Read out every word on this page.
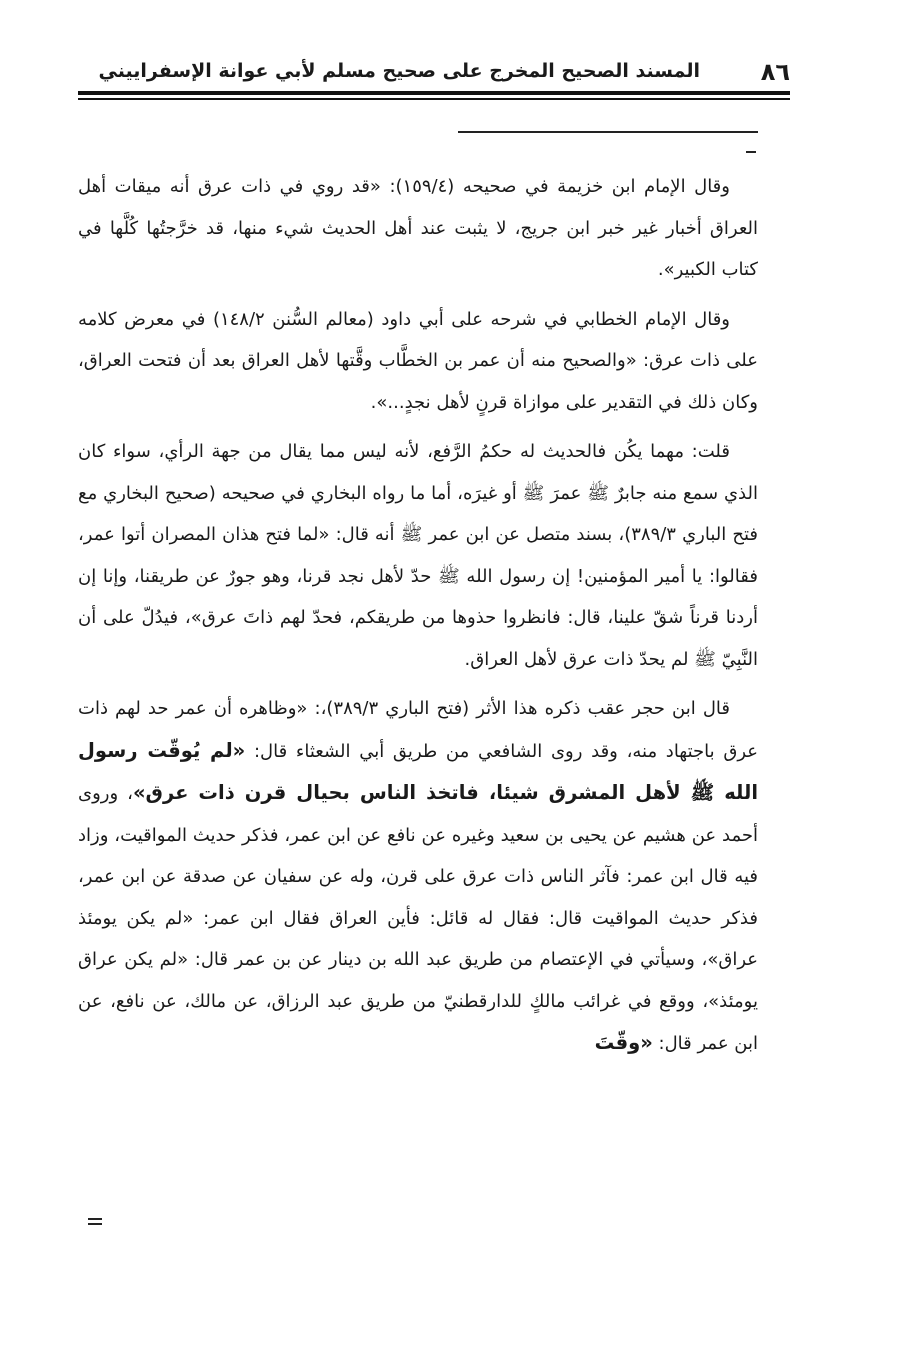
٨٦
المسند الصحيح المخرج على صحيح مسلم لأبي عوانة الإسفراييني

وقال الإمام ابن خزيمة في صحيحه (١٥٩/٤): «قد روي في ذات عرق أنه ميقات أهل العراق أخبار غير خبر ابن جريج، لا يثبت عند أهل الحديث شيء منها، قد خرَّجتُها كُلَّها في كتاب الكبير».

وقال الإمام الخطابي في شرحه على أبي داود (معالم السُّنن ١٤٨/٢) في معرض كلامه على ذات عرق: «والصحيح منه أن عمر بن الخطَّاب وقَّتها لأهل العراق بعد أن فتحت العراق، وكان ذلك في التقدير على موازاة قرنٍ لأهل نجدٍ...».

قلت: مهما يكُن فالحديث له حكمُ الرَّفع، لأنه ليس مما يقال من جهة الرأي، سواء كان الذي سمع منه جابرٌ ﷺ عمرَ ﷺ أو غيرَه، أما ما رواه البخاري في صحيحه (صحيح البخاري مع فتح الباري ٣٨٩/٣)، بسند متصل عن ابن عمر ﷺ أنه قال: «لما فتح هذان المصران أتوا عمر، فقالوا: يا أمير المؤمنين! إن رسول الله ﷺ حدّ لأهل نجد قرنا، وهو جورٌ عن طريقنا، وإنا إن أردنا قرناً شقّ علينا، قال: فانظروا حذوها من طريقكم، فحدّ لهم ذاتَ عرق»، فيدُلّ على أن النَّبِيّ ﷺ لم يحدّ ذات عرق لأهل العراق.

قال ابن حجر عقب ذكره هذا الأثر (فتح الباري ٣٨٩/٣)،: «وظاهره أن عمر حد لهم ذات عرق باجتهاد منه، وقد روى الشافعي من طريق أبي الشعثاء قال: «لم يُوقّت رسول الله ﷺ لأهل المشرق شيئا، فاتخذ الناس بحيال قرن ذات عرق»، وروى أحمد عن هشيم عن يحيى بن سعيد وغيره عن نافع عن ابن عمر، فذكر حديث المواقيت، وزاد فيه قال ابن عمر: فآثر الناس ذات عرق على قرن، وله عن سفيان عن صدقة عن ابن عمر، فذكر حديث المواقيت قال: فقال له قائل: فأين العراق فقال ابن عمر: «لم يكن يومئذ عراق»، وسيأتي في الإعتصام من طريق عبد الله بن دينار عن بن عمر قال: «لم يكن عراق يومئذ»، ووقع في غرائب مالكٍ للدارقطنيّ من طريق عبد الرزاق، عن مالك، عن نافع، عن ابن عمر قال: «وقّتَ
